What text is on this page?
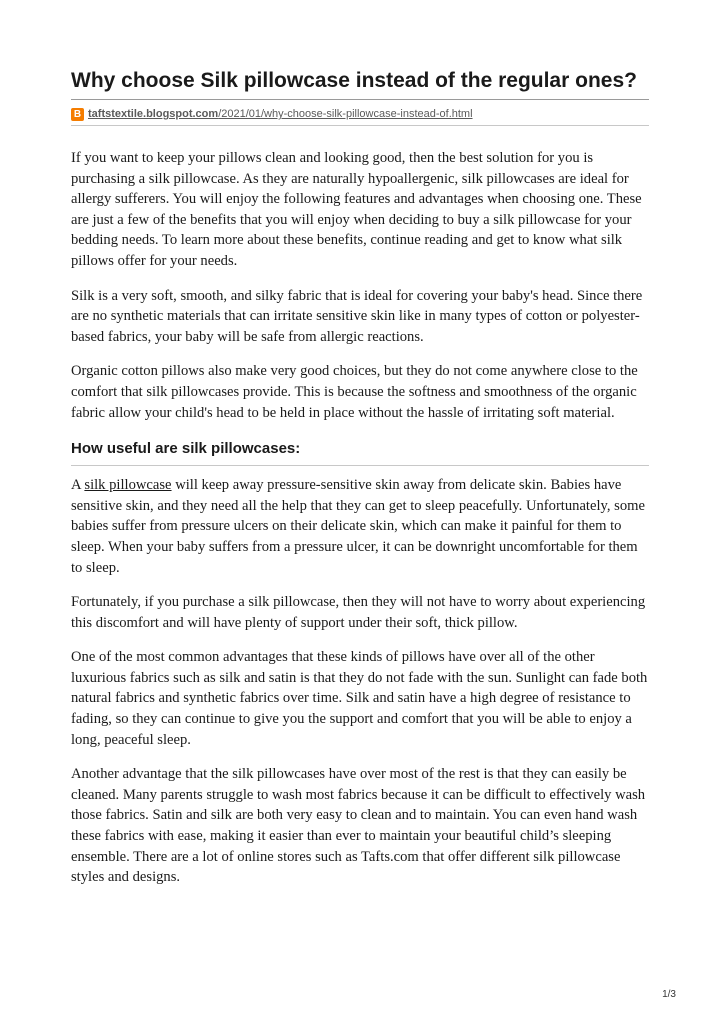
Why choose Silk pillowcase instead of the regular ones?
B taftstextile.blogspot.com/2021/01/why-choose-silk-pillowcase-instead-of.html

If you want to keep your pillows clean and looking good, then the best solution for you is purchasing a silk pillowcase. As they are naturally hypoallergenic, silk pillowcases are ideal for allergy sufferers. You will enjoy the following features and advantages when choosing one. These are just a few of the benefits that you will enjoy when deciding to buy a silk pillowcase for your bedding needs. To learn more about these benefits, continue reading and get to know what silk pillows offer for your needs.

Silk is a very soft, smooth, and silky fabric that is ideal for covering your baby's head. Since there are no synthetic materials that can irritate sensitive skin like in many types of cotton or polyester-based fabrics, your baby will be safe from allergic reactions.

Organic cotton pillows also make very good choices, but they do not come anywhere close to the comfort that silk pillowcases provide. This is because the softness and smoothness of the organic fabric allow your child's head to be held in place without the hassle of irritating soft material.

How useful are silk pillowcases:

A silk pillowcase will keep away pressure-sensitive skin away from delicate skin. Babies have sensitive skin, and they need all the help that they can get to sleep peacefully. Unfortunately, some babies suffer from pressure ulcers on their delicate skin, which can make it painful for them to sleep. When your baby suffers from a pressure ulcer, it can be downright uncomfortable for them to sleep.

Fortunately, if you purchase a silk pillowcase, then they will not have to worry about experiencing this discomfort and will have plenty of support under their soft, thick pillow.

One of the most common advantages that these kinds of pillows have over all of the other luxurious fabrics such as silk and satin is that they do not fade with the sun. Sunlight can fade both natural fabrics and synthetic fabrics over time. Silk and satin have a high degree of resistance to fading, so they can continue to give you the support and comfort that you will be able to enjoy a long, peaceful sleep.

Another advantage that the silk pillowcases have over most of the rest is that they can easily be cleaned. Many parents struggle to wash most fabrics because it can be difficult to effectively wash those fabrics. Satin and silk are both very easy to clean and to maintain. You can even hand wash these fabrics with ease, making it easier than ever to maintain your beautiful child’s sleeping ensemble. There are a lot of online stores such as Tafts.com that offer different silk pillowcase styles and designs.

1/3
